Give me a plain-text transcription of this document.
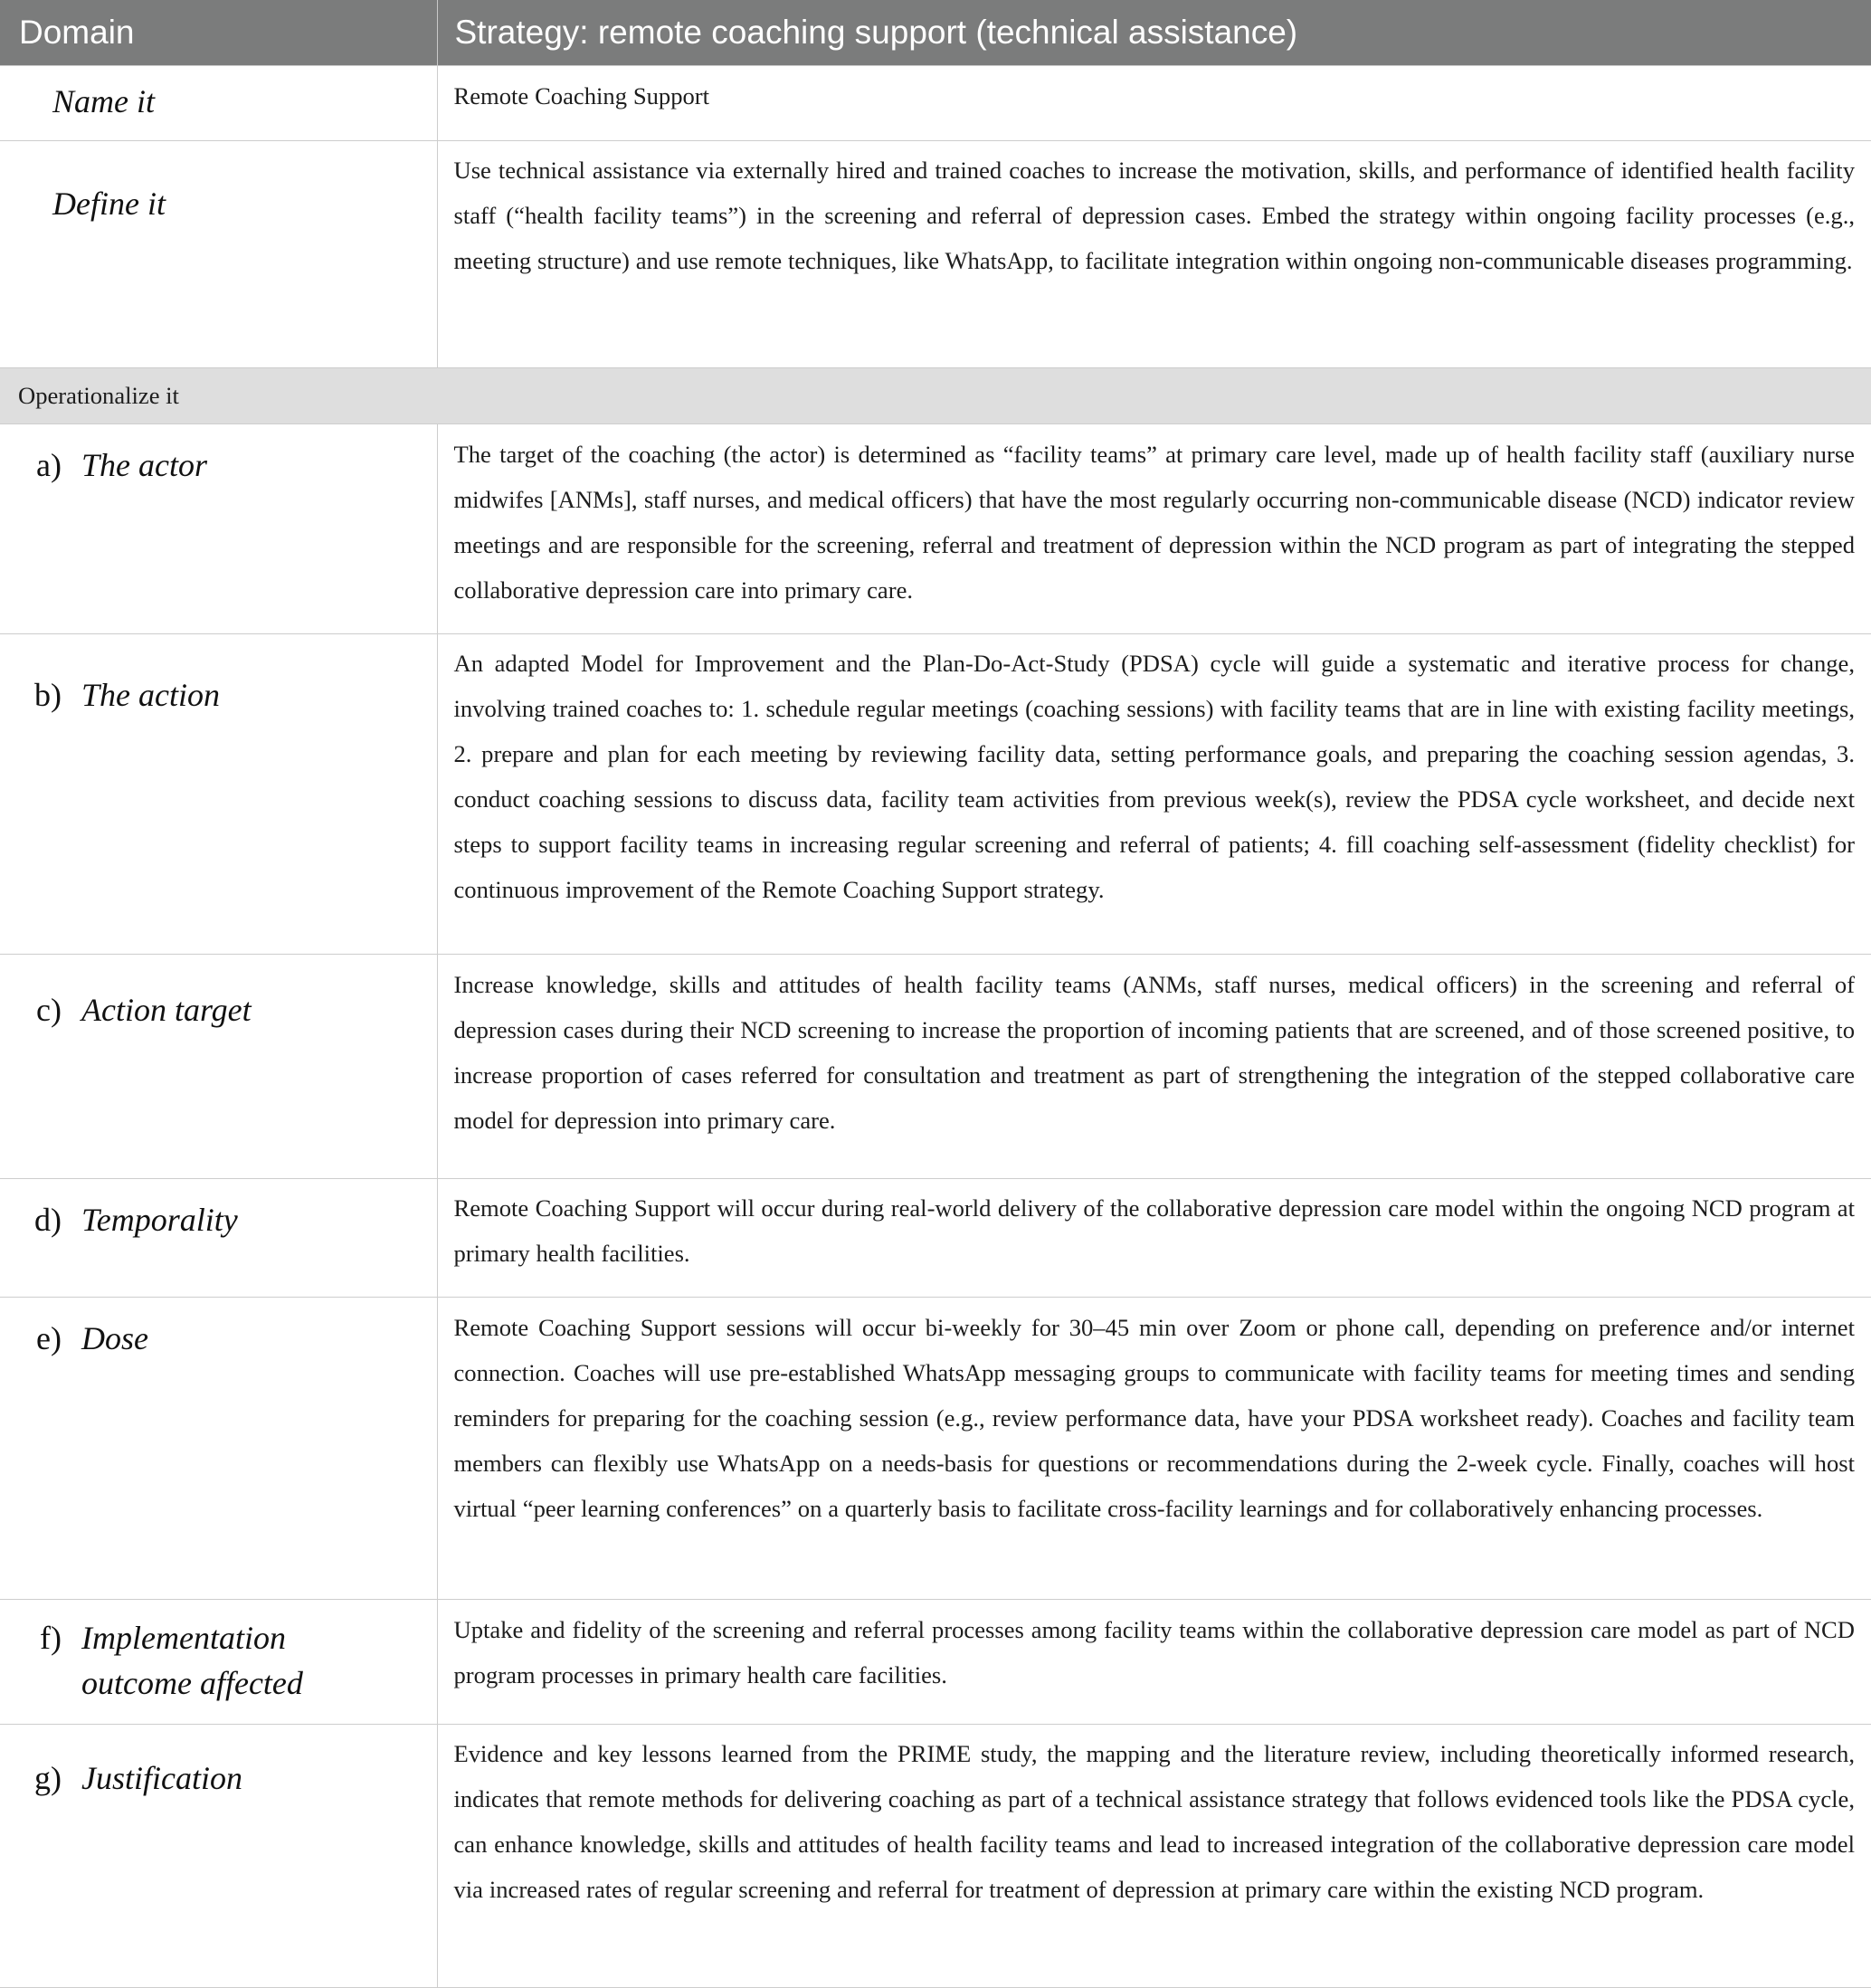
Domain	Strategy: remote coaching support (technical assistance)
Name it	Remote Coaching Support
Define it	Use technical assistance via externally hired and trained coaches to increase the motivation, skills, and performance of identified health facility staff (“health facility teams”) in the screening and referral of depression cases. Embed the strategy within ongoing facility processes (e.g., meeting structure) and use remote techniques, like WhatsApp, to facilitate integration within ongoing non-communicable diseases programming.
Operationalize it	

a) The actor	The target of the coaching (the actor) is determined as “facility teams” at primary care level, made up of health facility staff (auxiliary nurse midwifes [ANMs], staff nurses, and medical officers) that have the most regularly occurring non-communicable disease (NCD) indicator review meetings and are responsible for the screening, referral and treatment of depression within the NCD program as part of integrating the stepped collaborative depression care into primary care.

b) The action	An adapted Model for Improvement and the Plan-Do-Act-Study (PDSA) cycle will guide a systematic and iterative process for change, involving trained coaches to: 1. schedule regular meetings (coaching sessions) with facility teams that are in line with existing facility meetings, 2. prepare and plan for each meeting by reviewing facility data, setting performance goals, and preparing the coaching session agendas, 3. conduct coaching sessions to discuss data, facility team activities from previous week(s), review the PDSA cycle worksheet, and decide next steps to support facility teams in increasing regular screening and referral of patients; 4. fill coaching self-assessment (fidelity checklist) for continuous improvement of the Remote Coaching Support strategy.

c) Action target	Increase knowledge, skills and attitudes of health facility teams (ANMs, staff nurses, medical officers) in the screening and referral of depression cases during their NCD screening to increase the proportion of incoming patients that are screened, and of those screened positive, to increase proportion of cases referred for consultation and treatment as part of strengthening the integration of the stepped collaborative care model for depression into primary care.

d) Temporality	Remote Coaching Support will occur during real-world delivery of the collaborative depression care model within the ongoing NCD program at primary health facilities.

e) Dose	Remote Coaching Support sessions will occur bi-weekly for 30–45 min over Zoom or phone call, depending on preference and/or internet connection. Coaches will use pre-established WhatsApp messaging groups to communicate with facility teams for meeting times and sending reminders for preparing for the coaching session (e.g., review performance data, have your PDSA worksheet ready). Coaches and facility team members can flexibly use WhatsApp on a needs-basis for questions or recommendations during the 2-week cycle. Finally, coaches will host virtual “peer learning conferences” on a quarterly basis to facilitate cross-facility learnings and for collaboratively enhancing processes.

f) Implementation outcome affected	Uptake and fidelity of the screening and referral processes among facility teams within the collaborative depression care model as part of NCD program processes in primary health care facilities.

g) Justification	Evidence and key lessons learned from the PRIME study, the mapping and the literature review, including theoretically informed research, indicates that remote methods for delivering coaching as part of a technical assistance strategy that follows evidenced tools like the PDSA cycle, can enhance knowledge, skills and attitudes of health facility teams and lead to increased integration of the collaborative depression care model via increased rates of regular screening and referral for treatment of depression at primary care within the existing NCD program.
